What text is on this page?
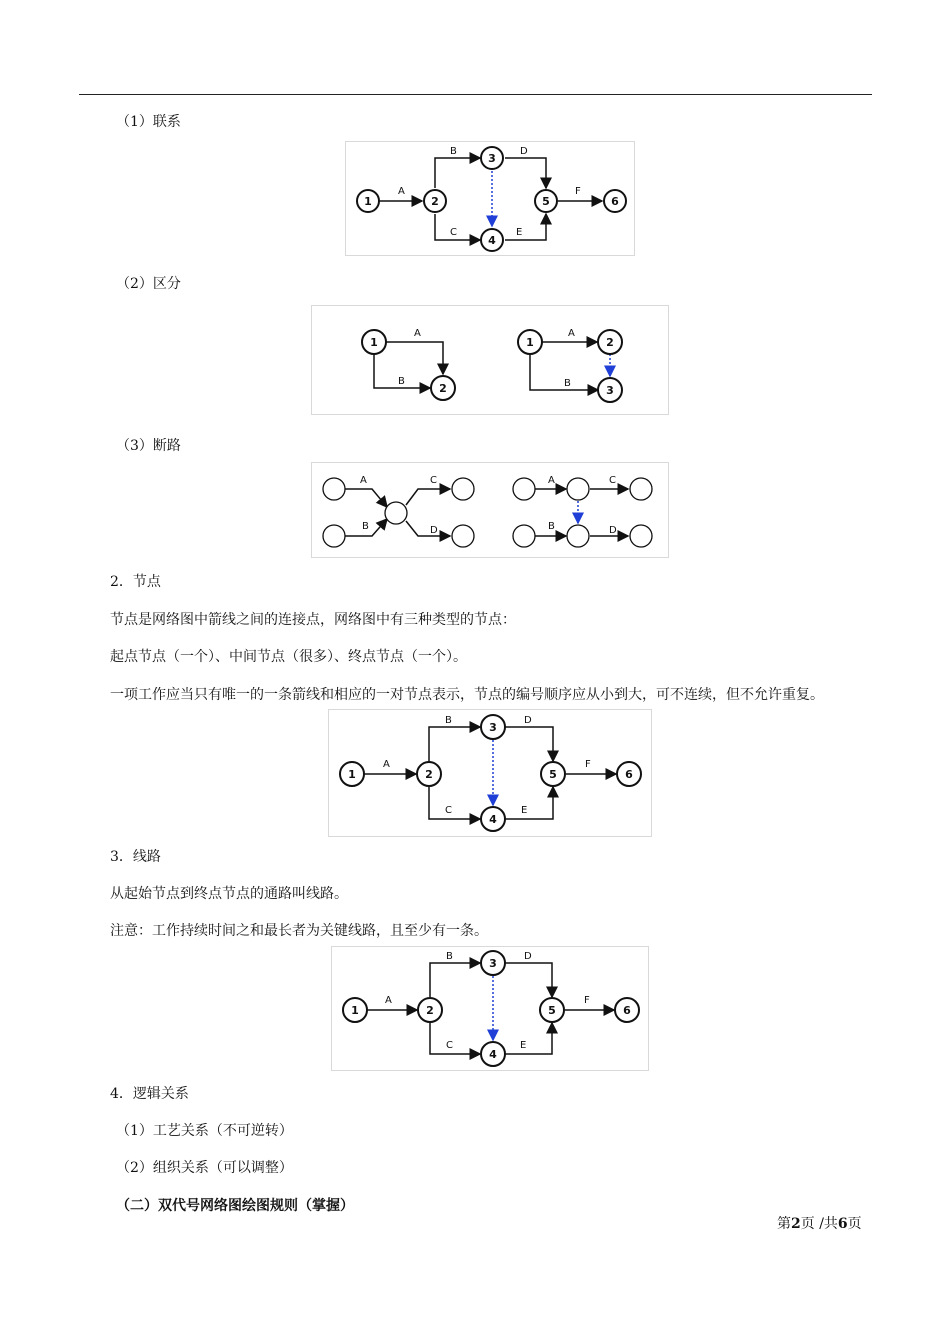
（1）联系
1	2
3
4
5	6
A
B
C
D
E
F
（2）区分
1
2
A
B
1	2
3
A
B
（3）断路
A
B
C
D
A
B
C
D
2．节点
节点是网络图中箭线之间的连接点，网络图中有三种类型的节点：
起点节点（一个）、中间节点（很多）、终点节点（一个）。
一项工作应当只有唯一的一条箭线和相应的一对节点表示，节点的编号顺序应从小到大，可不连续，但不允许重复。
1	2
3
4
5	6
A
B
C
D
E
F
3．线路
从起始节点到终点节点的通路叫线路。
注意：工作持续时间之和最长者为关键线路，且至少有一条。
1	2
3
4
5	6
A
B
C
D
E
F
4．逻辑关系
（1）工艺关系（不可逆转）
（2）组织关系（可以调整）
（二）双代号网络图绘图规则（掌握）
第2页 /共6页
